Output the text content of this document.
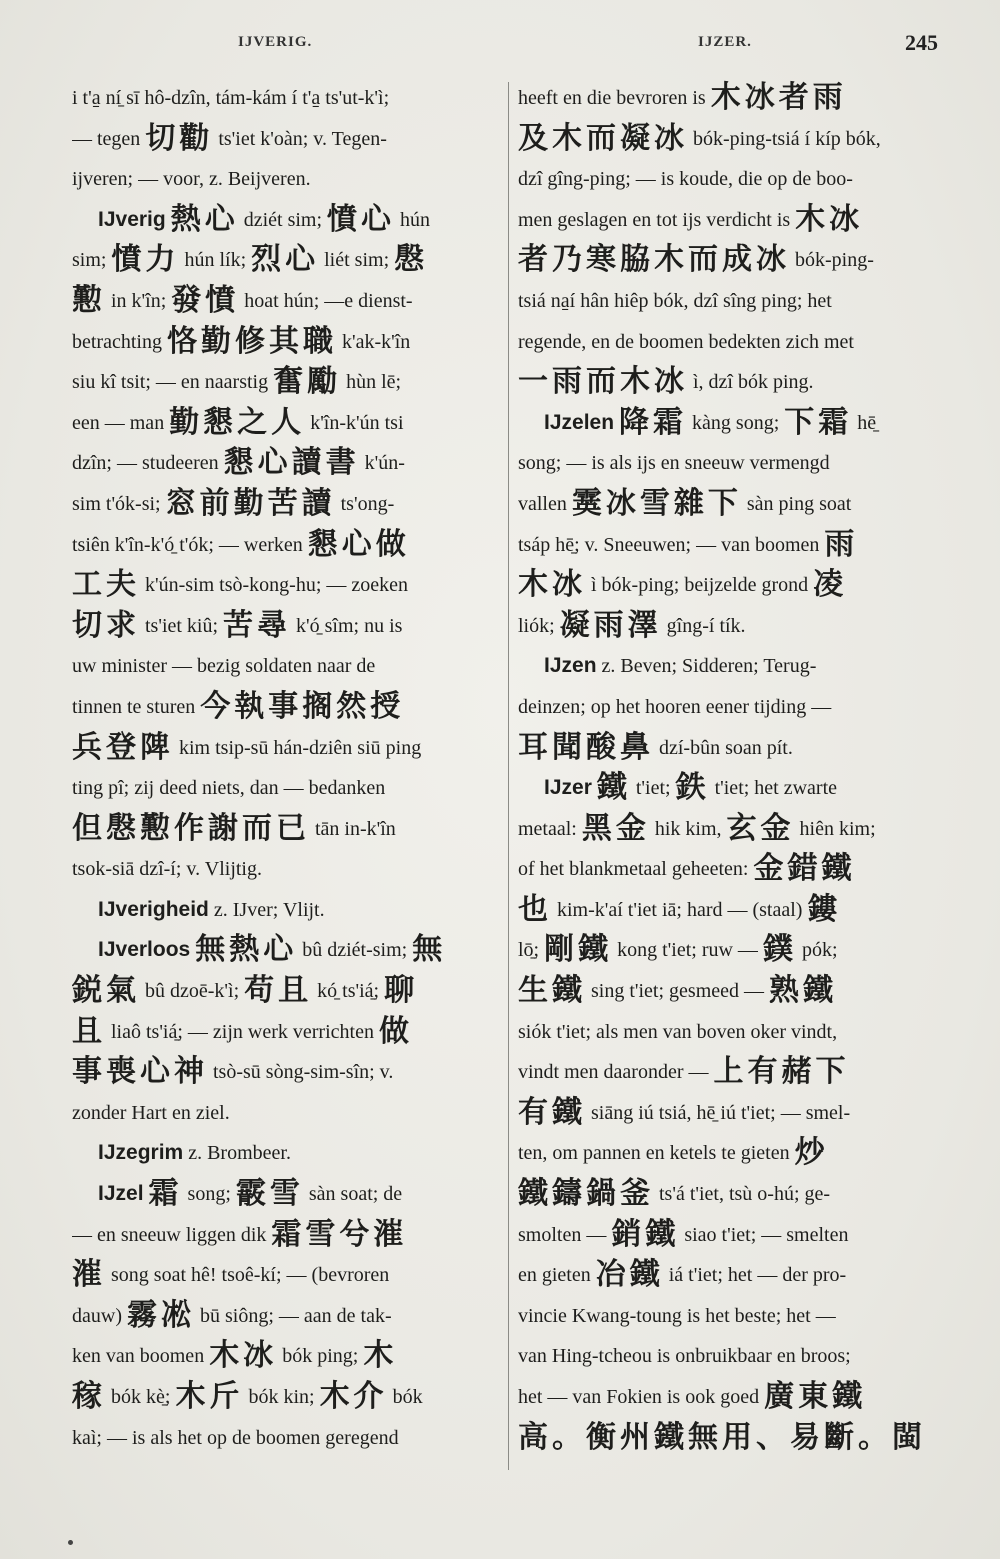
IJVERIG.	IJZER.	245
i t'a̱ ní̱ sī hô-dzîn, tám-kám í t'a̱ ts'ut-k'ì;
— tegen 切勸 ts'iet k'oàn; v. Tegen-
ijveren; — voor, z. Beijveren.
IJverig 熱心 dziét sim; 憤心 hún
sim; 憤力 hún lík; 烈心 liét sim; 慇
懃 in k'în; 發憤 hoat hún; —e dienst-
betrachting 恪勤修其職 k'ak-k'în
siu kî tsit; — en naarstig 奮勵 hùn lē;
een — man 勤懇之人 k'în-k'ún tsi
dzîn; — studeeren 懇心讀書 k'ún-
sim t'ók-si; 窓前勤苦讀 ts'ong-
tsiên k'în-k'ó̱ t'ók; — werken 懇心做
工夫 k'ún-sim tsò-kong-hu; — zoeken
切求 ts'iet kiû; 苦尋 k'ó̱ sîm; nu is
uw minister — bezig soldaten naar de
tinnen te sturen 今執事搁然授
兵登陴 kim tsip-sū hán-dziên siū ping
ting pî; zij deed niets, dan — bedanken
但慇懃作謝而已 tān in-k'în
tsok-siā dzî-í; v. Vlijtig.
IJverigheid z. IJver; Vlijt.
IJverloos 無熱心 bû dziét-sim; 無
鋭氣 bû dzoē-k'ì; 苟且 kó̱ ts'iá̱; 聊
且 liaô ts'iá̱; — zijn werk verrichten 做
事喪心神 tsò-sū sòng-sim-sîn; v.
zonder Hart en ziel.
IJzegrim z. Brombeer.
IJzel 霜 song; 霰雪 sàn soat; de
— en sneeuw liggen dik 霜雪兮漼
漼 song soat hê! tsoê-kí; — (bevroren
dauw) 霧凇 bū siông; — aan de tak-
ken van boomen 木冰 bók ping; 木
稼 bók kè̱; 木斤 bók kin; 木介 bók
kaì; — is als het op de boomen geregend
heeft en die bevroren is 木冰者雨
及木而凝冰 bók-ping-tsiá í kíp bók,
dzî gîng-ping; — is koude, die op de boo-
men geslagen en tot ijs verdicht is 木冰
者乃寒脇木而成冰 bók-ping-
tsiá na̱í hân hiêp bók, dzî sîng ping; het
regende, en de boomen bedekten zich met
一雨而木冰 ì, dzî bók ping.
IJzelen 降霜 kàng song; 下霜 hē̱
song; — is als ijs en sneeuw vermengd
vallen 霙冰雪雜下 sàn ping soat
tsáp hē̱; v. Sneeuwen; — van boomen 雨
木冰 ì bók-ping; beijzelde grond 凌
liók; 凝雨澤 gîng-í tík.
IJzen z. Beven; Sidderen; Terug-
deinzen; op het hooren eener tijding —
耳聞酸鼻 dzí-bûn soan pít.
IJzer 鐵 t'iet; 鉄 t'iet; het zwarte
metaal: 黑金 hik kim, 玄金 hiên kim;
of het blankmetaal geheeten: 金錯鐵
也 kim-k'aí t'iet iā; hard — (staal) 鏤
lō̱; 剛鐵 kong t'iet; ruw — 鏷 pók;
生鐵 sing t'iet; gesmeed — 熟鐵
siók t'iet; als men van boven oker vindt,
vindt men daaronder — 上有赭下
有鐵 siāng iú tsiá, hē̱ iú t'iet; — smel-
ten, om pannen en ketels te gieten 炒
鐵鑄鍋釜 ts'á t'iet, tsù o-hú; ge-
smolten — 銷鐵 siao t'iet; — smelten
en gieten 冶鐵 iá t'iet; het — der pro-
vincie Kwang-toung is het beste; het —
van Hing-tcheou is onbruikbaar en broos;
het — van Fokien is ook goed 廣東鐵
高。衡州鐵無用、易斷。閩
